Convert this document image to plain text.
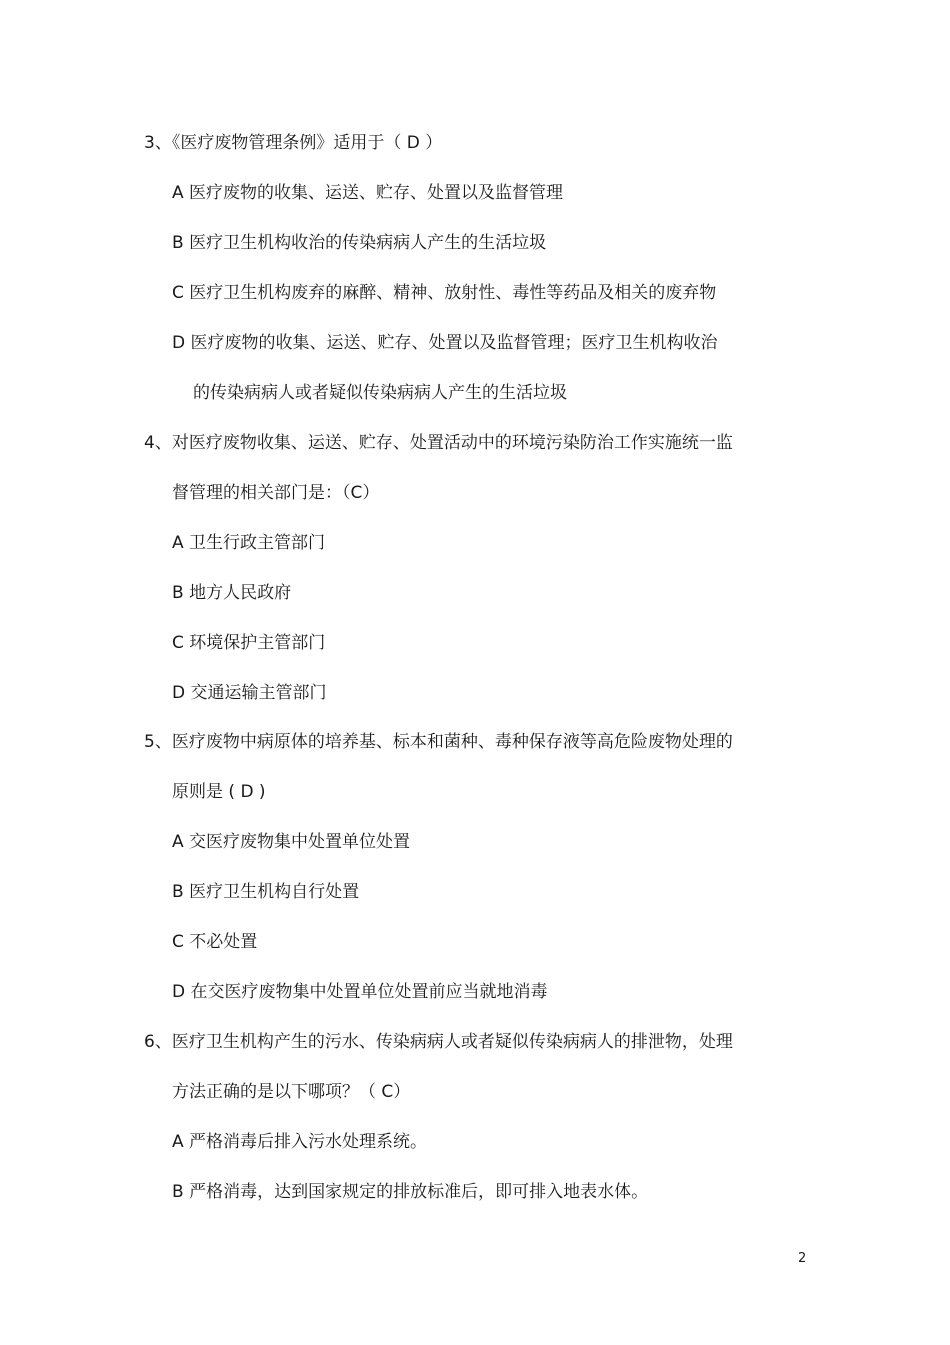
3、《医疗废物管理条例》适用于（ D ）
A 医疗废物的收集、运送、贮存、处置以及监督管理
B 医疗卫生机构收治的传染病病人产生的生活垃圾
C 医疗卫生机构废弃的麻醉、精神、放射性、毒性等药品及相关的废弃物
D 医疗废物的收集、运送、贮存、处置以及监督管理；医疗卫生机构收治
的传染病病人或者疑似传染病病人产生的生活垃圾
4、对医疗废物收集、运送、贮存、处置活动中的环境污染防治工作实施统一监
督管理的相关部门是：（C）
A 卫生行政主管部门
B 地方人民政府
C 环境保护主管部门
D 交通运输主管部门
5、医疗废物中病原体的培养基、标本和菌种、毒种保存液等高危险废物处理的
原则是 ( D )
A 交医疗废物集中处置单位处置
B 医疗卫生机构自行处置
C 不必处置
D 在交医疗废物集中处置单位处置前应当就地消毒
6、医疗卫生机构产生的污水、传染病病人或者疑似传染病病人的排泄物，处理
方法正确的是以下哪项？（ C）
A 严格消毒后排入污水处理系统。
B 严格消毒，达到国家规定的排放标准后，即可排入地表水体。
2
